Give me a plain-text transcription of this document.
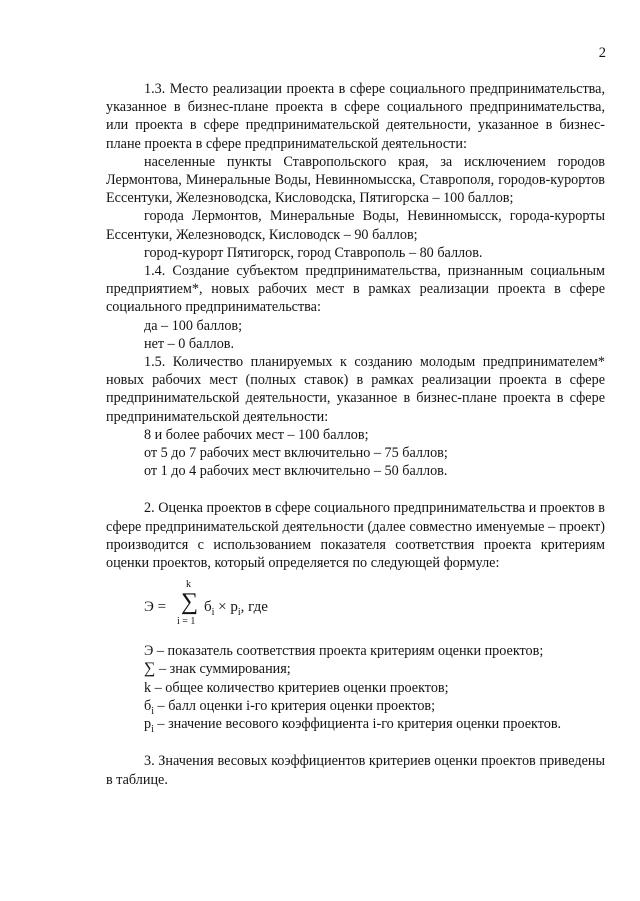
2

1.3. Место реализации проекта в сфере социального предпринимательства, указанное в бизнес-плане проекта в сфере социального предпринимательства, или проекта в сфере предпринимательской деятельности, указанное в бизнес-плане проекта в сфере предпринимательской деятельности:

населенные пункты Ставропольского края, за исключением городов Лермонтова, Минеральные Воды, Невинномысска, Ставрополя, городов-курортов Ессентуки, Железноводска, Кисловодска, Пятигорска – 100 баллов;

города Лермонтов, Минеральные Воды, Невинномысск, города-курорты Ессентуки, Железноводск, Кисловодск – 90 баллов;

город-курорт Пятигорск, город Ставрополь – 80 баллов.

1.4. Создание субъектом предпринимательства, признанным социальным предприятием*, новых рабочих мест в рамках реализации проекта в сфере социального предпринимательства:

да – 100 баллов;

нет – 0 баллов.

1.5. Количество планируемых к созданию молодым предпринимателем* новых рабочих мест (полных ставок) в рамках реализации проекта в сфере предпринимательской деятельности, указанное в бизнес-плане проекта в сфере предпринимательской деятельности:

8 и более рабочих мест – 100 баллов;

от 5 до 7 рабочих мест включительно – 75 баллов;

от 1 до 4 рабочих мест включительно – 50 баллов.

2. Оценка проектов в сфере социального предпринимательства и проектов в сфере предпринимательской деятельности (далее совместно именуемые – проект) производится с использованием показателя соответствия проекта критериям оценки проектов, который определяется по следующей формуле:

Э =
k
∑
i = 1
$б_i \times p_i$, где

Э – показатель соответствия проекта критериям оценки проектов;

∑ – знак суммирования;

k – общее количество критериев оценки проектов;

$б_i$ – балл оценки i-го критерия оценки проектов;

$p_i$ – значение весового коэффициента i-го критерия оценки проектов.

3. Значения весовых коэффициентов критериев оценки проектов приведены в таблице.
